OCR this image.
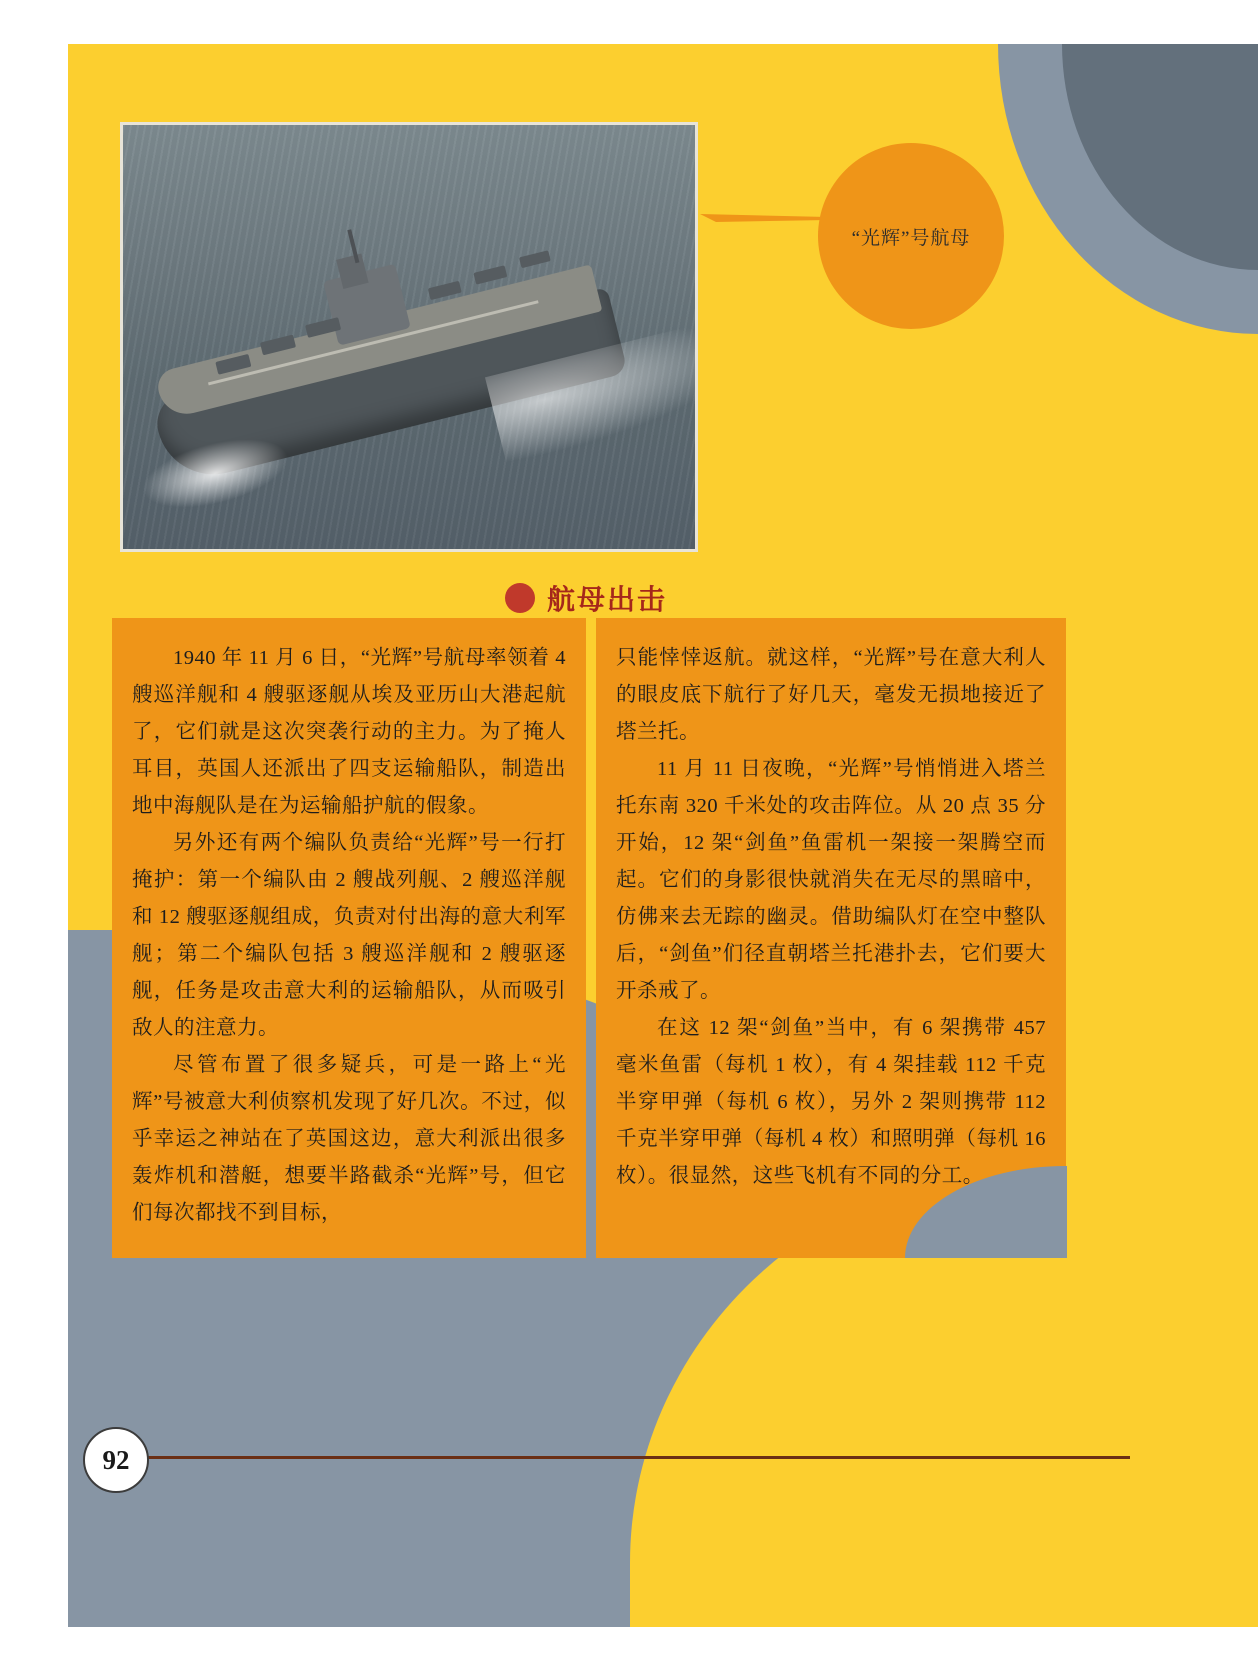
“光辉”号航母
航母出击

1940 年 11 月 6 日，“光辉”号航母率领着 4 艘巡洋舰和 4 艘驱逐舰从埃及亚历山大港起航了，它们就是这次突袭行动的主力。为了掩人耳目，英国人还派出了四支运输船队，制造出地中海舰队是在为运输船护航的假象。

另外还有两个编队负责给“光辉”号一行打掩护：第一个编队由 2 艘战列舰、2 艘巡洋舰和 12 艘驱逐舰组成，负责对付出海的意大利军舰；第二个编队包括 3 艘巡洋舰和 2 艘驱逐舰，任务是攻击意大利的运输船队，从而吸引敌人的注意力。

尽管布置了很多疑兵，可是一路上“光辉”号被意大利侦察机发现了好几次。不过，似乎幸运之神站在了英国这边，意大利派出很多轰炸机和潜艇，想要半路截杀“光辉”号，但它们每次都找不到目标，

只能悻悻返航。就这样，“光辉”号在意大利人的眼皮底下航行了好几天，毫发无损地接近了塔兰托。

11 月 11 日夜晚，“光辉”号悄悄进入塔兰托东南 320 千米处的攻击阵位。从 20 点 35 分开始，12 架“剑鱼”鱼雷机一架接一架腾空而起。它们的身影很快就消失在无尽的黑暗中，仿佛来去无踪的幽灵。借助编队灯在空中整队后，“剑鱼”们径直朝塔兰托港扑去，它们要大开杀戒了。

在这 12 架“剑鱼”当中，有 6 架携带 457 毫米鱼雷（每机 1 枚），有 4 架挂载 112 千克半穿甲弹（每机 6 枚），另外 2 架则携带 112 千克半穿甲弹（每机 4 枚）和照明弹（每机 16 枚）。很显然，这些飞机有不同的分工。

92
